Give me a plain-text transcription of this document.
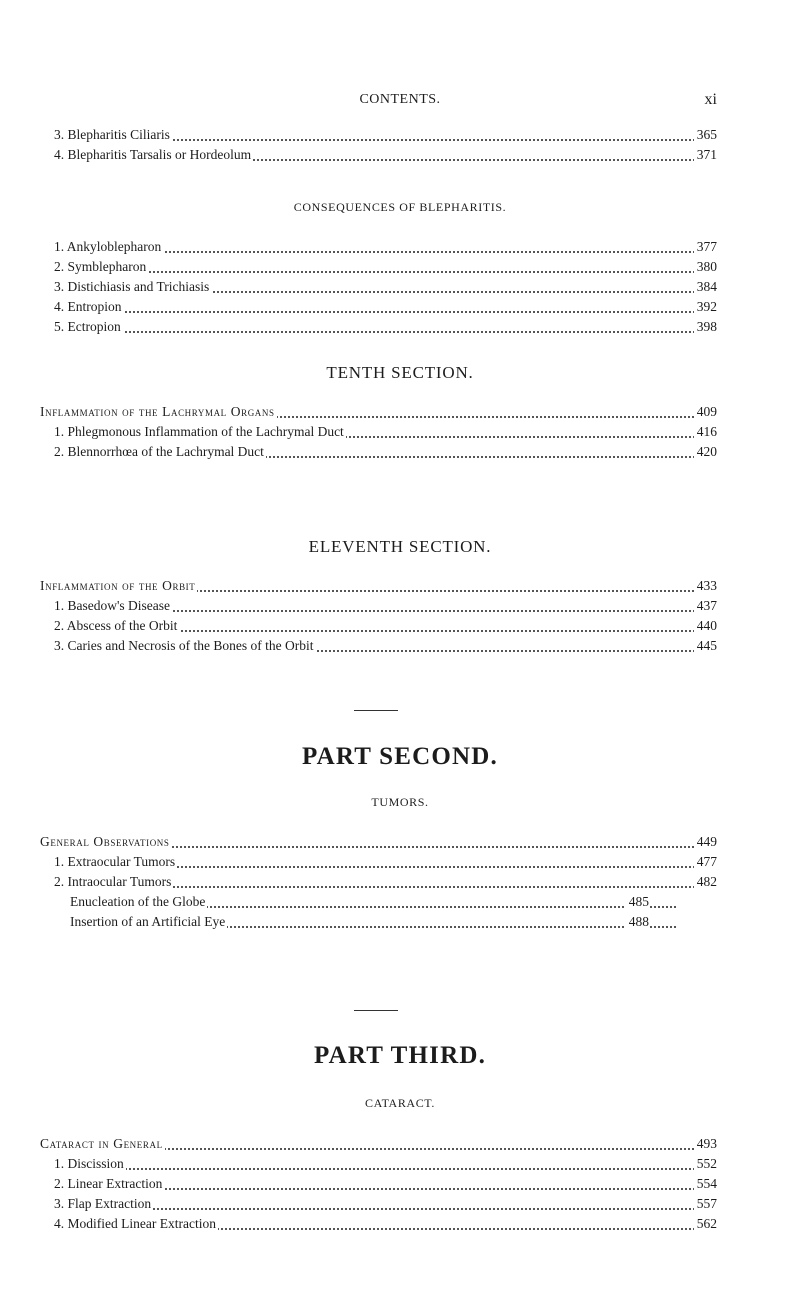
CONTENTS.	xi
3. Blepharitis Ciliaris	365
4. Blepharitis Tarsalis or Hordeolum	371
CONSEQUENCES OF BLEPHARITIS.
1. Ankyloblepharon	377
2. Symblepharon	380
3. Distichiasis and Trichiasis	384
4. Entropion	392
5. Ectropion	398
TENTH SECTION.
Inflammation of the Lachrymal Organs	409
1. Phlegmonous Inflammation of the Lachrymal Duct	416
2. Blennorrhœa of the Lachrymal Duct	420
ELEVENTH SECTION.
Inflammation of the Orbit	433
1. Basedow's Disease	437
2. Abscess of the Orbit	440
3. Caries and Necrosis of the Bones of the Orbit	445
PART SECOND.
TUMORS.
General Observations	449
1. Extraocular Tumors	477
2. Intraocular Tumors	482
Enucleation of the Globe	485
Insertion of an Artificial Eye	488
PART THIRD.
CATARACT.
Cataract in General	493
1. Discission	552
2. Linear Extraction	554
3. Flap Extraction	557
4. Modified Linear Extraction	562
